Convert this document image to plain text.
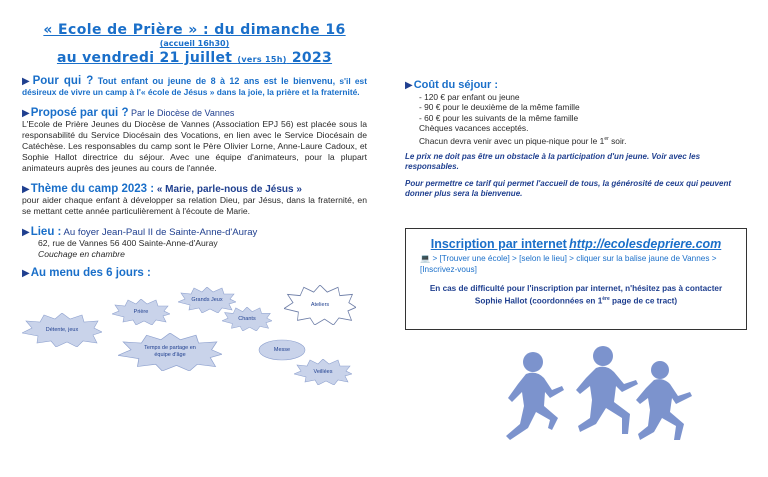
« Ecole de Prière » : du dimanche 16
(accueil 16h30)
au vendredi 21 juillet (vers 15h) 2023
▶Pour qui ? Tout enfant ou jeune de 8 à 12 ans est le bienvenu, s'il est désireux de vivre un camp à l'« école de Jésus » dans la joie, la prière et la fraternité.
▶Proposé par qui ? Par le Diocèse de Vannes
L'Ecole de Prière Jeunes du Diocèse de Vannes (Association EPJ 56) est placée sous la responsabilité du Service Diocésain des Vocations, en lien avec le Service Diocésain de Catéchèse. Les responsables du camp sont le Père Olivier Lorne, Anne-Laure Cadoux, et Sophie Hallot directrice du séjour. Avec une équipe d'animateurs, pour la plupart animateurs auprès des jeunes au cours de l'année.
▶Thème du camp 2023 : « Marie, parle-nous de Jésus »
pour aider chaque enfant à développer sa relation Dieu, par Jésus, dans la fraternité, en se mettant cette année particulièrement à l'écoute de Marie.
▶Lieu : Au foyer Jean-Paul II de Sainte-Anne-d'Auray
62, rue de Vannes 56 400 Sainte-Anne-d'Auray
Couchage en chambre
▶Au menu des 6 jours :
Détente, jeux
Prière
Grands Jeux
Chants
Ateliers
Temps de partage en équipe d'âge
Messe
Veillées
▶Coût du séjour :
- 120 € par enfant ou jeune
- 90 € pour le deuxième de la même famille
- 60 € pour les suivants de la même famille
Chèques vacances acceptés.
Chacun devra venir avec un pique-nique pour le 1er soir.
Le prix ne doit pas être un obstacle à la participation d'un jeune. Voir avec les responsables.
Pour permettre ce tarif qui permet l'accueil de tous, la générosité de ceux qui peuvent donner plus sera la bienvenue.
Inscription par internet http://ecolesdepriere.com
💻 > [Trouver une école] > [selon le lieu] > cliquer sur la balise jaune de Vannes > [Inscrivez-vous]
En cas de difficulté pour l'inscription par internet, n'hésitez pas à contacter Sophie Hallot (coordonnées en 1ère page de ce tract)
